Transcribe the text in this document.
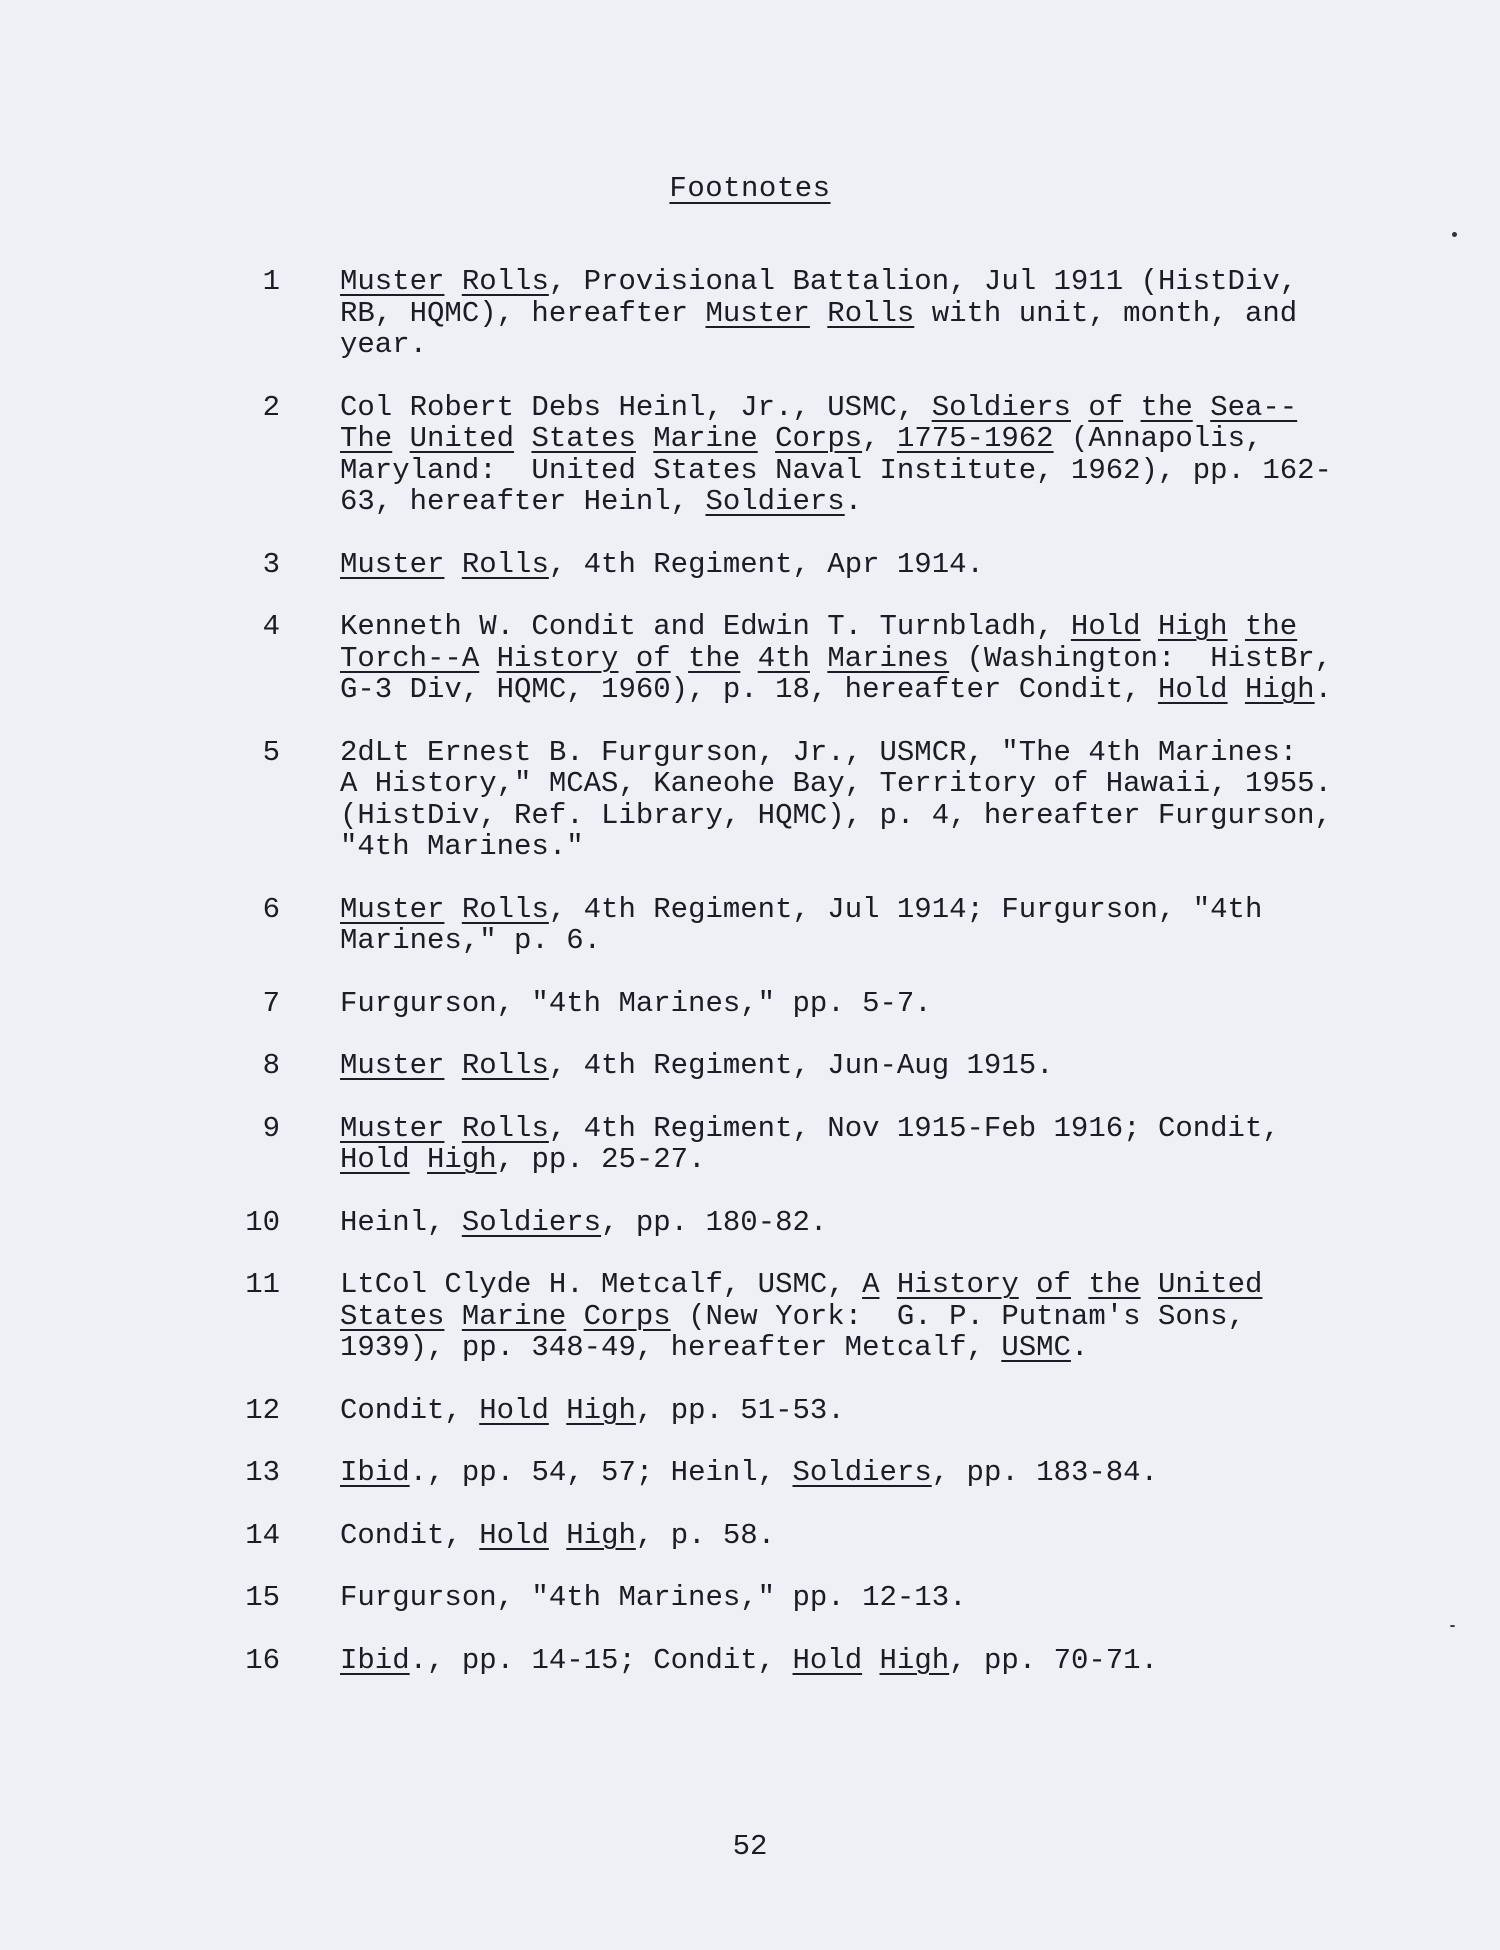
Footnotes
1 Muster Rolls, Provisional Battalion, Jul 1911 (HistDiv,
RB, HQMC), hereafter Muster Rolls with unit, month, and
year.
2 Col Robert Debs Heinl, Jr., USMC, Soldiers of the Sea--
The United States Marine Corps, 1775-1962 (Annapolis,
Maryland:  United States Naval Institute, 1962), pp. 162-
63, hereafter Heinl, Soldiers.
3 Muster Rolls, 4th Regiment, Apr 1914.
4 Kenneth W. Condit and Edwin T. Turnbladh, Hold High the
Torch--A History of the 4th Marines (Washington:  HistBr,
G-3 Div, HQMC, 1960), p. 18, hereafter Condit, Hold High.
5 2dLt Ernest B. Furgurson, Jr., USMCR, "The 4th Marines:
A History," MCAS, Kaneohe Bay, Territory of Hawaii, 1955.
(HistDiv, Ref. Library, HQMC), p. 4, hereafter Furgurson,
"4th Marines."
6 Muster Rolls, 4th Regiment, Jul 1914; Furgurson, "4th
Marines," p. 6.
7 Furgurson, "4th Marines," pp. 5-7.
8 Muster Rolls, 4th Regiment, Jun-Aug 1915.
9 Muster Rolls, 4th Regiment, Nov 1915-Feb 1916; Condit,
Hold High, pp. 25-27.
10 Heinl, Soldiers, pp. 180-82.
11 LtCol Clyde H. Metcalf, USMC, A History of the United
States Marine Corps (New York:  G. P. Putnam's Sons,
1939), pp. 348-49, hereafter Metcalf, USMC.
12 Condit, Hold High, pp. 51-53.
13 Ibid., pp. 54, 57; Heinl, Soldiers, pp. 183-84.
14 Condit, Hold High, p. 58.
15 Furgurson, "4th Marines," pp. 12-13.
16 Ibid., pp. 14-15; Condit, Hold High, pp. 70-71.
52
